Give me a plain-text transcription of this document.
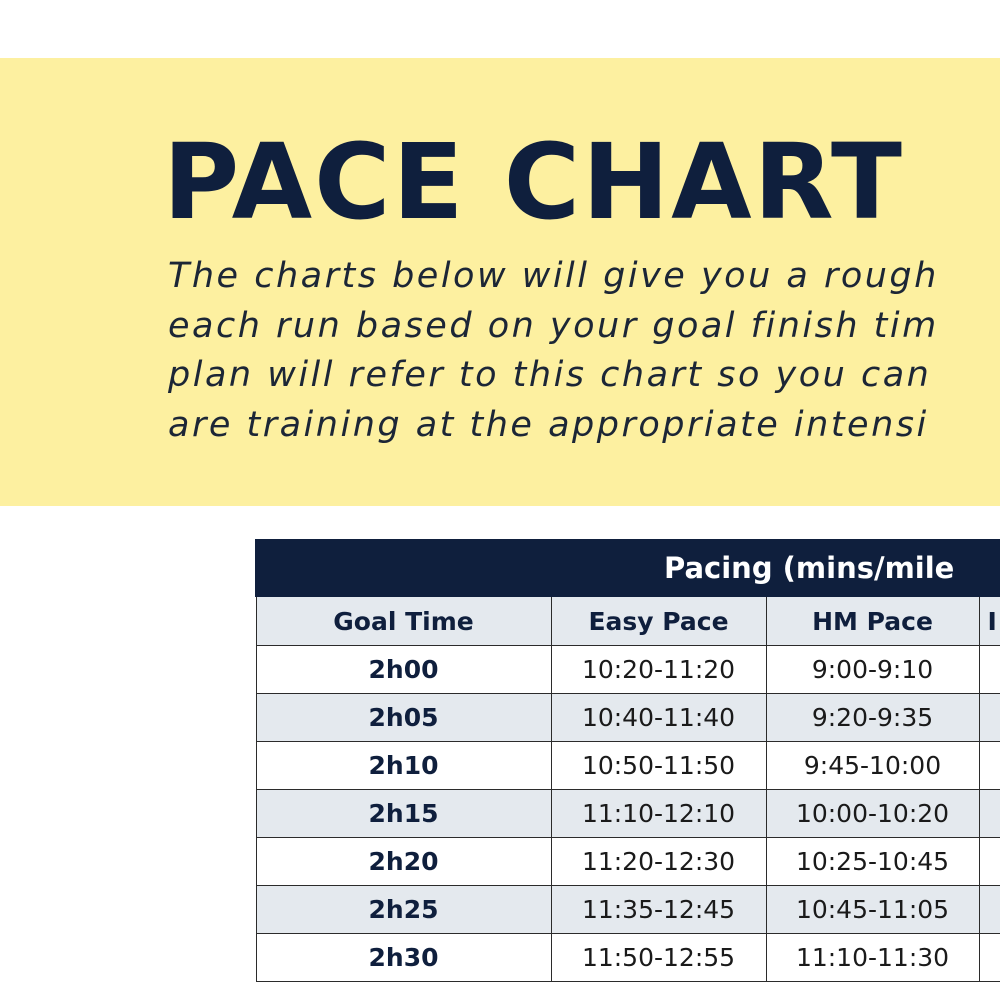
PACE CHART
The charts below will give you a rough
each run based on your goal finish tim
plan will refer to this chart so you can
are training at the appropriate intensi
Pacing (mins/mile			
Goal Time	Easy Pace	HM Pace	I
2h00	10:20-11:20	9:00-9:10	
2h05	10:40-11:40	9:20-9:35	
2h10	10:50-11:50	9:45-10:00	
2h15	11:10-12:10	10:00-10:20	
2h20	11:20-12:30	10:25-10:45	
2h25	11:35-12:45	10:45-11:05	
2h30	11:50-12:55	11:10-11:30	
